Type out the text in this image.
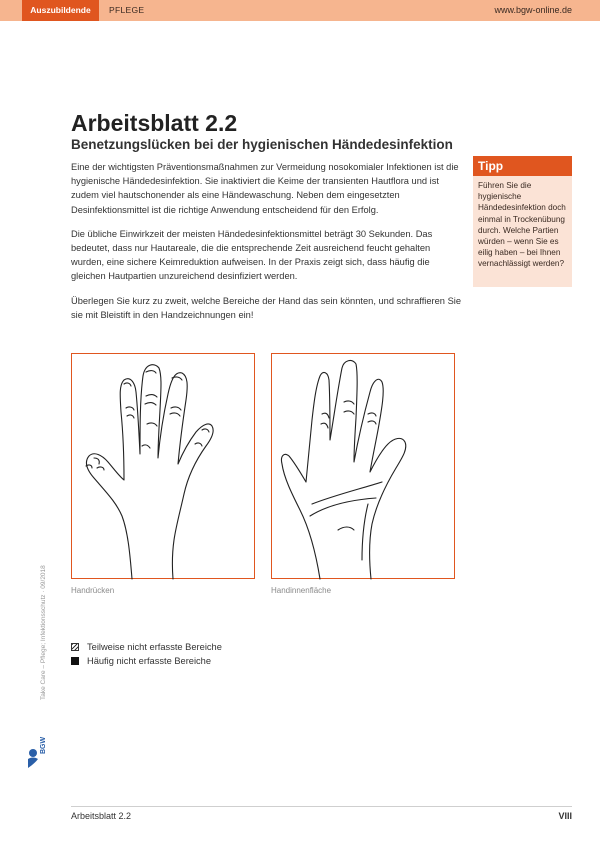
Auszubildende	PFLEGE	www.bgw-online.de
Arbeitsblatt 2.2
Benetzungslücken bei der hygienischen Händedesinfektion

Eine der wichtigsten Präventionsmaßnahmen zur Vermeidung nosokomialer Infektionen ist die hygienische Händedesinfektion. Sie inaktiviert die Keime der transienten Hautflora und ist zudem viel hautschonender als eine Händewaschung. Neben dem eingesetzten Desinfektionsmittel ist die richtige Anwendung entscheidend für den Erfolg.

Die übliche Einwirkzeit der meisten Händedesinfektionsmittel beträgt 30 Sekunden. Das bedeutet, dass nur Hautareale, die die entsprechende Zeit ausreichend feucht gehalten wurden, eine sichere Keimreduktion aufweisen. In der Praxis zeigt sich, dass häufig die gleichen Hautpartien unzureichend desinfiziert werden.

Überlegen Sie kurz zu zweit, welche Bereiche der Hand das sein könnten, und schraffieren Sie sie mit Bleistift in den Handzeichnungen ein!

Tipp
Führen Sie die hygienische Händedesinfektion doch einmal in Trockenübung durch. Welche Partien würden – wenn Sie es eilig haben – bei Ihnen vernachlässigt werden?
Handrücken	Handinnenfläche
Teilweise nicht erfasste Bereiche
Häufig nicht erfasste Bereiche
Take Care – Pflege; Infektionsschutz · 09/2018
BGW
Arbeitsblatt 2.2	VIII
